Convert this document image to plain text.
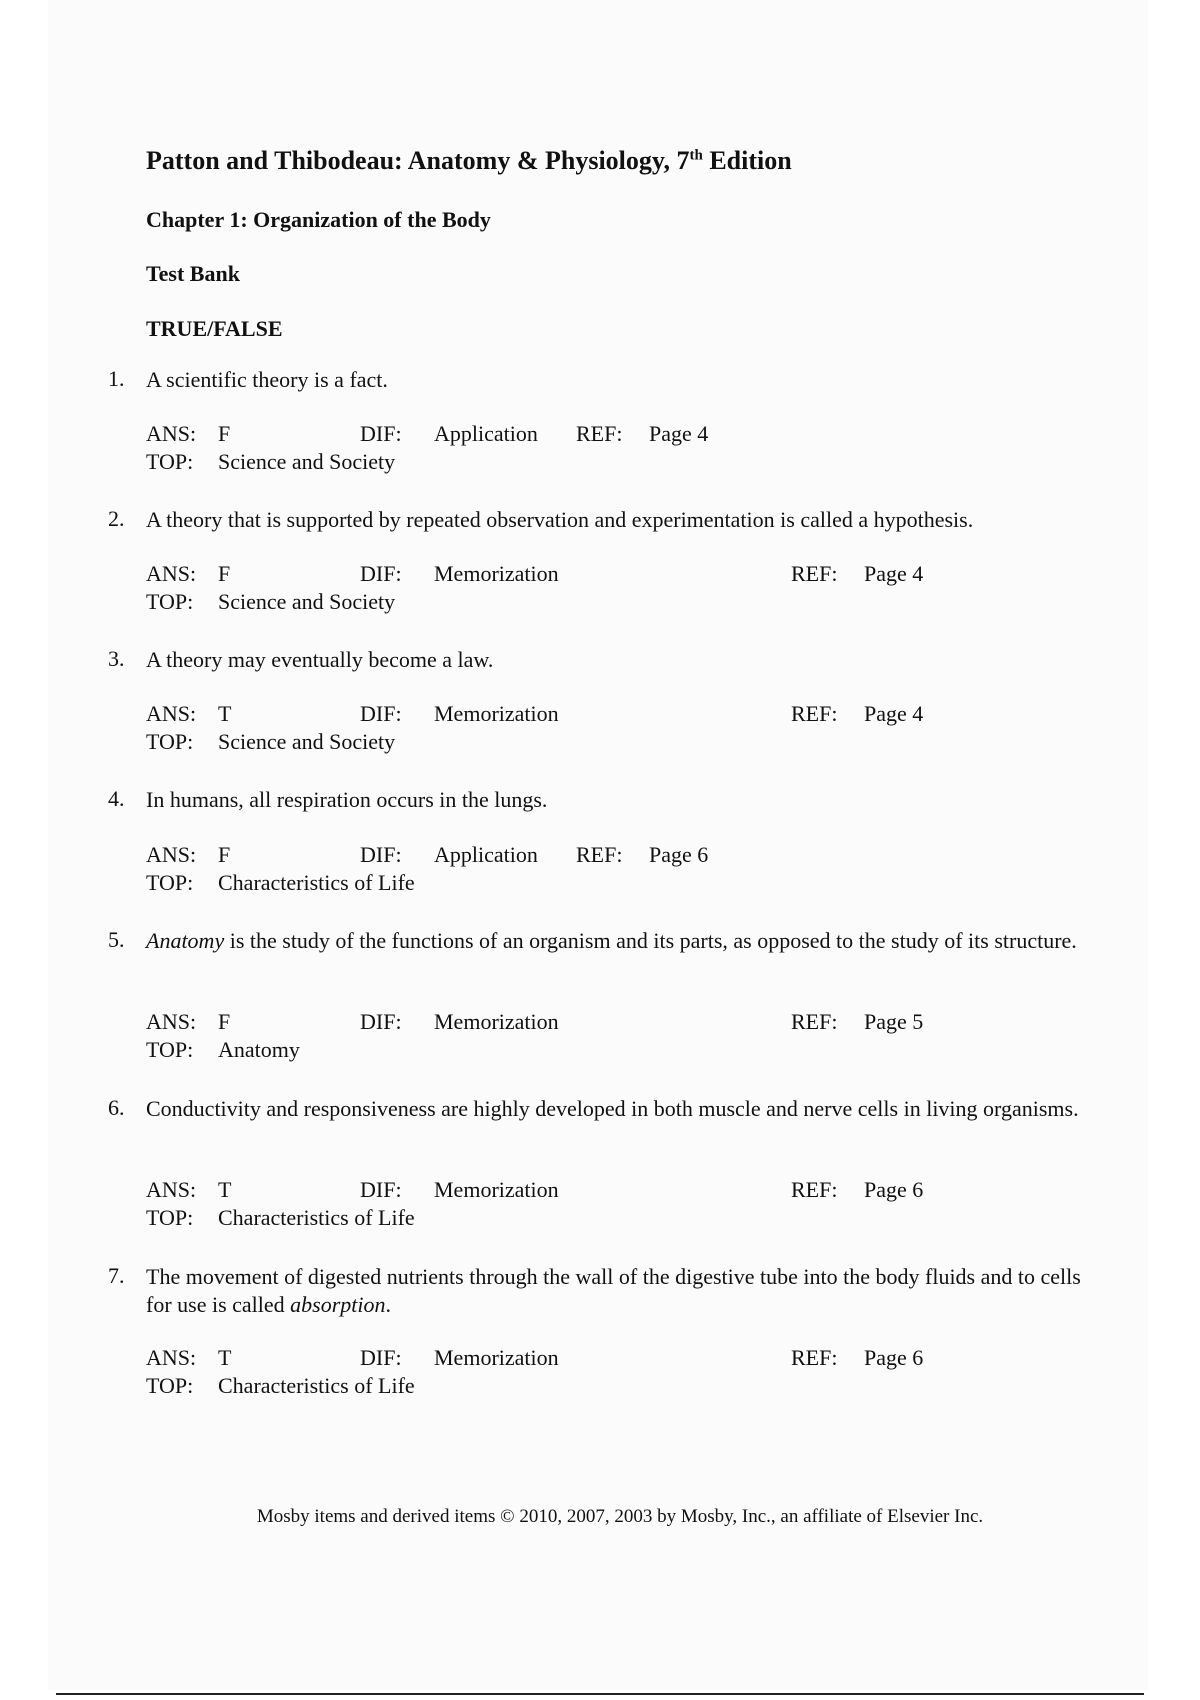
Patton and Thibodeau: Anatomy & Physiology, 7th Edition
Chapter 1: Organization of the Body
Test Bank
TRUE/FALSE
1. A scientific theory is a fact.
ANS: F	DIF: Application REF: Page 4
TOP: Science and Society
2. A theory that is supported by repeated observation and experimentation is called a hypothesis.
ANS: F	DIF: Memorization	REF: Page 4
TOP: Science and Society
3. A theory may eventually become a law.
ANS: T	DIF: Memorization	REF: Page 4
TOP: Science and Society
4. In humans, all respiration occurs in the lungs.
ANS: F	DIF: Application REF: Page 6
TOP: Characteristics of Life
5. Anatomy is the study of the functions of an organism and its parts, as opposed to the study of its structure.
ANS: F	DIF: Memorization	REF: Page 5
TOP: Anatomy
6. Conductivity and responsiveness are highly developed in both muscle and nerve cells in living organisms.
ANS: T	DIF: Memorization	REF: Page 6
TOP: Characteristics of Life
7. The movement of digested nutrients through the wall of the digestive tube into the body fluids and to cells for use is called absorption.
ANS: T	DIF: Memorization	REF: Page 6
TOP: Characteristics of Life
Mosby items and derived items © 2010, 2007, 2003 by Mosby, Inc., an affiliate of Elsevier Inc.
